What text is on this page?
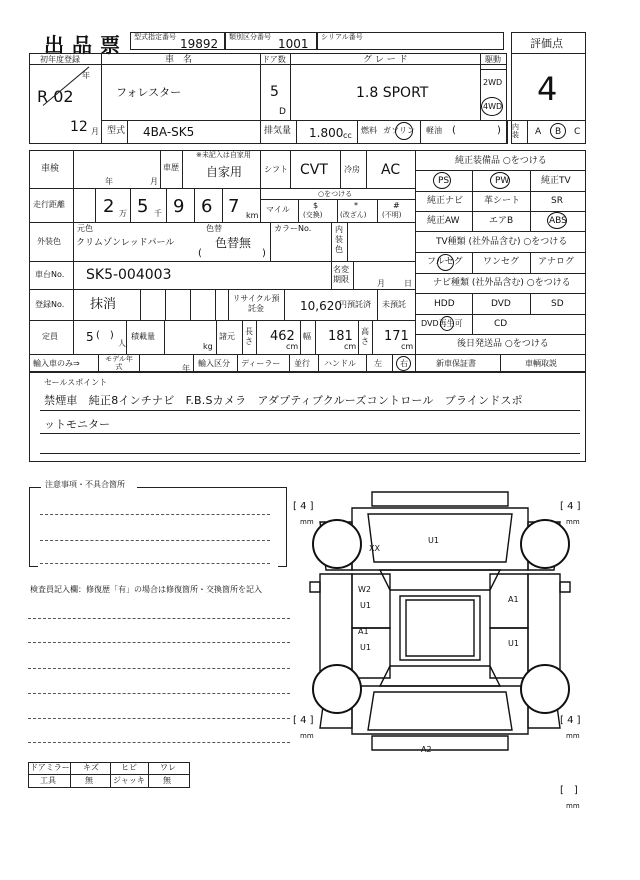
出品票 型式指定番号 19892 類別区分番号 1001 シリアル番号	評価点
4
初年度登録
年
R 02
12 月
車　名
フォレスター
ドア数
5
D
グ レ ー ド
1.8 SPORT
駆動
2WD
4WD
型式 4BA-SK5	排気量 1.800 cc
燃料 ガソリン 軽油 (	) 内装	A B C
車検
年	月
車歴
※未記入は自家用
自家用	シフト CVT 冷房 AC
走行距離 2 万 5 千 9 6 7 km
○をつける
マイル	$
(交換)
*
(改ざん)
#
(不明)
外装色
元色
クリムゾンレッドパール
色替
色替無
(	)
カラーNo.	内装色
車台No. SK5-004003	名変期限	月 日
登録No. 抹消	リサイクル預託金	10,620
円預託済 未預託
定員 5 (　)
人
積載量
kg
諸元
長さ 462
cm
幅 181
cm
高さ 171
cm
輸入車のみ⇒	モデル年式	年
輸入区分 ディーラー 並行 ハンドル 左 右
純正装備品 ○をつける
PS	PW	純正TV
純正ナビ 革シート	SR
純正AW	エアB	ABS
TV種類 (社外品含む) ○をつける
フルセグ ワンセグ アナログ
ナビ種類 (社外品含む) ○をつける
HDD	DVD	SD
DVD再生可	CD
後日発送品 ○をつける
新車保証書	車輌取説
セールスポイント
禁煙車　純正8インチナビ　F.B.Sカメラ　アダプティブクルーズコントロール　ブラインドスポ
ットモニター
注意事項・不具合箇所
検査員記入欄：修復歴「有」の場合は修復箇所・交換箇所を記入
ドアミラー キズ	ヒビ	ワレ
工具	無	ジャッキ 無
U1
XX
W2
U1
A1
U1
A1
U1
A2
[ 4 ]
mm
[ 4 ]
mm
[ 4 ]
mm
[ 4 ]
mm
[　]
mm
